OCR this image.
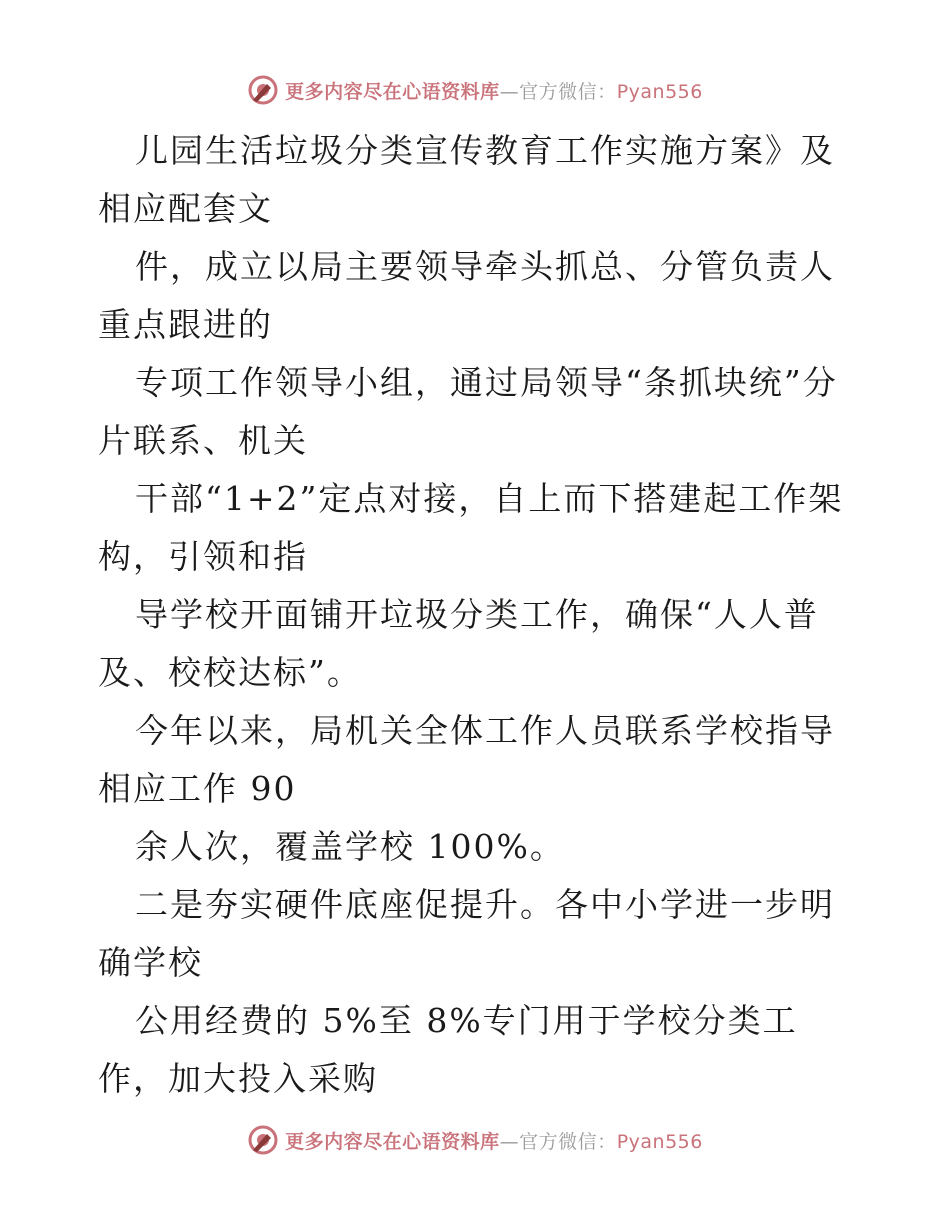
更多内容尽在心语资料库—官方微信：Pyan556

儿园生活垃圾分类宣传教育工作实施方案》及相应配套文

件，成立以局主要领导牵头抓总、分管负责人重点跟进的

专项工作领导小组，通过局领导“条抓块统”分片联系、机关

干部“1+2”定点对接，自上而下搭建起工作架构，引领和指

导学校开面铺开垃圾分类工作，确保“人人普及、校校达标”。

今年以来，局机关全体工作人员联系学校指导相应工作 90

余人次，覆盖学校 100%。

二是夯实硬件底座促提升。各中小学进一步明确学校

公用经费的 5%至 8%专门用于学校分类工作，加大投入采购

更多内容尽在心语资料库—官方微信：Pyan556
